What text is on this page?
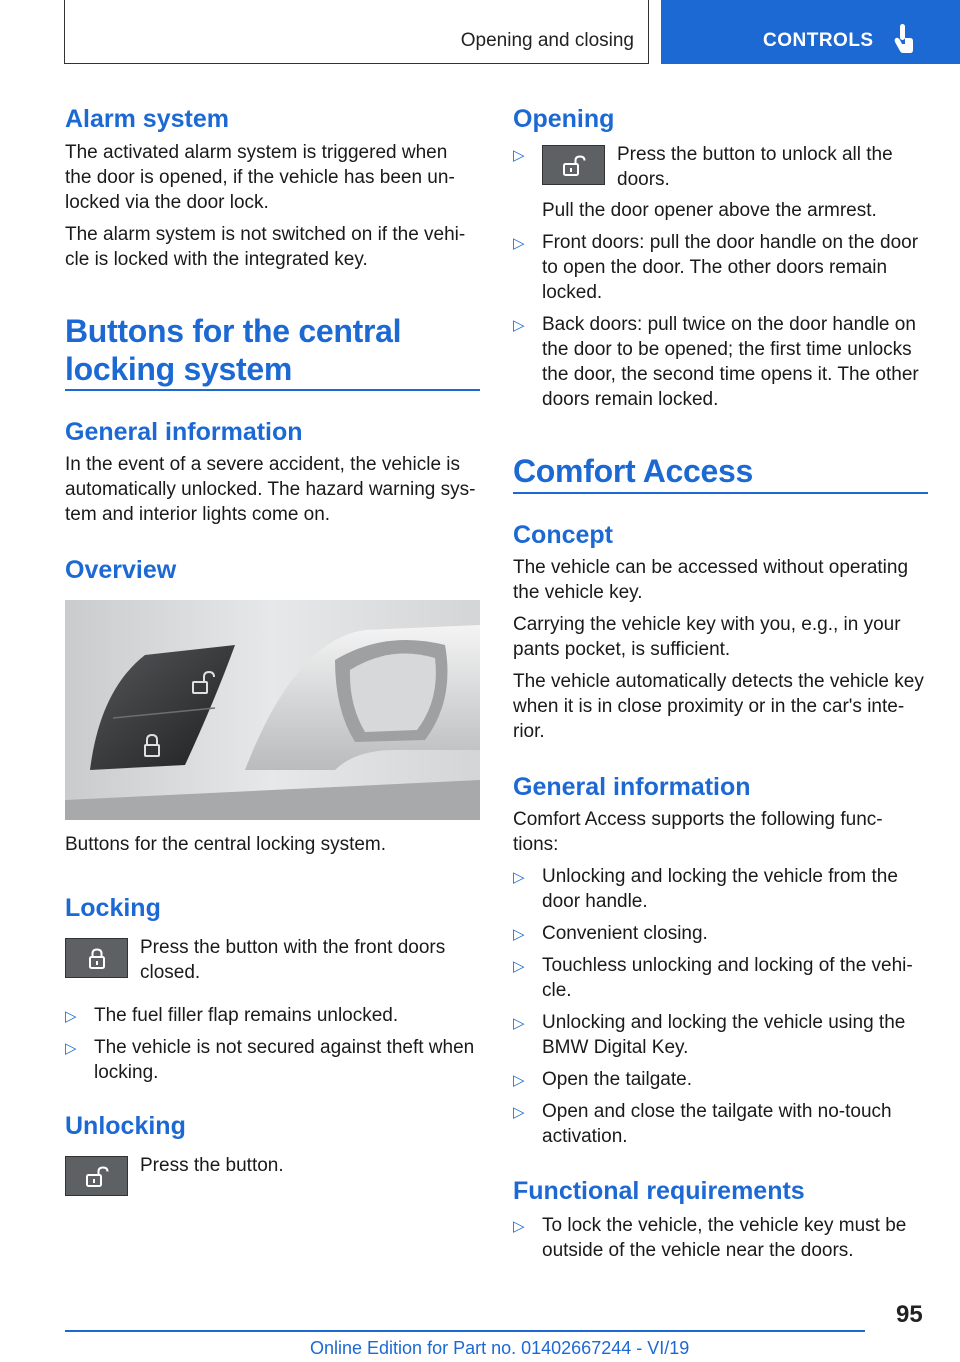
Opening and closing	CONTROLS
Alarm system

The activated alarm system is triggered when

the door is opened, if the vehicle has been un-

locked via the door lock.

The alarm system is not switched on if the vehi-

cle is locked with the integrated key.

Buttons for the central
locking system
General information

In the event of a severe accident, the vehicle is

automatically unlocked. The hazard warning sys-

tem and interior lights come on.

Overview

Buttons for the central locking system.

Locking

Press the button with the front doors

closed.

▷ The fuel filler flap remains unlocked.
▷ The vehicle is not secured against theft when
locking.
Unlocking

Press the button.

Opening
▷	Press the button to unlock all the

doors.

Pull the door opener above the armrest.

▷ Front doors: pull the door handle on the door
to open the door. The other doors remain
locked.
▷ Back doors: pull twice on the door handle on
the door to be opened; the first time unlocks
the door, the second time opens it. The other
doors remain locked.
Comfort Access
Concept

The vehicle can be accessed without operating

the vehicle key.

Carrying the vehicle key with you, e.g., in your

pants pocket, is sufficient.

The vehicle automatically detects the vehicle key

when it is in close proximity or in the car's inte-

rior.

General information

Comfort Access supports the following func-

tions:

▷ Unlocking and locking the vehicle from the
door handle.
▷ Convenient closing.
▷ Touchless unlocking and locking of the vehi-
cle.
▷ Unlocking and locking the vehicle using the
BMW Digital Key.
▷ Open the tailgate.
▷ Open and close the tailgate with no-touch
activation.
Functional requirements
▷ To lock the vehicle, the vehicle key must be
outside of the vehicle near the doors.
95
Online Edition for Part no. 01402667244 - VI/19
